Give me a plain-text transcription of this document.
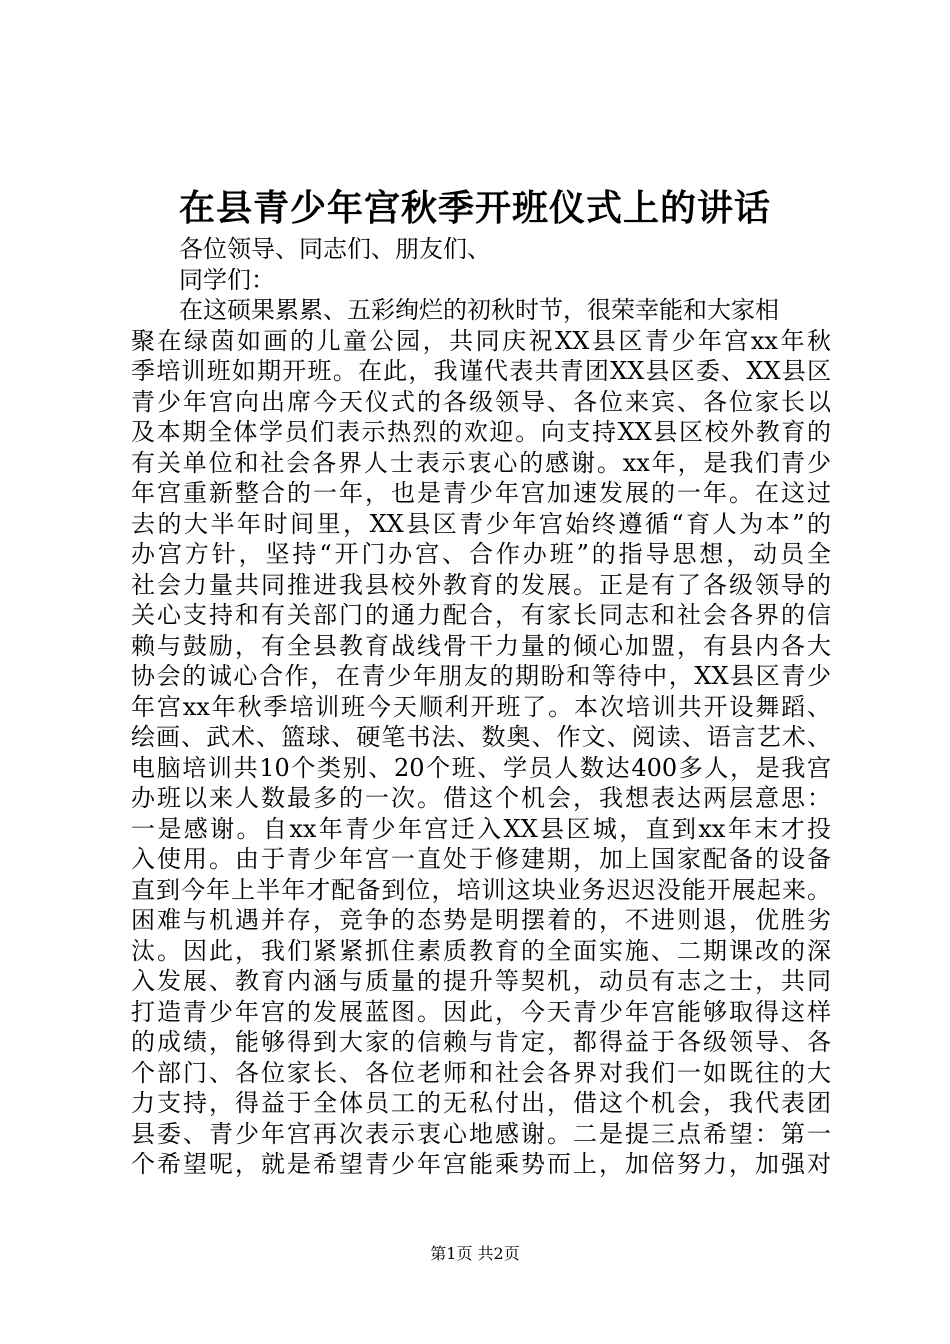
在县青少年宫秋季开班仪式上的讲话
各位领导、同志们、朋友们、
同学们：
在这硕果累累、五彩绚烂的初秋时节，很荣幸能和大家相
聚在绿茵如画的儿童公园，共同庆祝XX县区青少年宫xx年秋
季培训班如期开班。在此，我谨代表共青团XX县区委、XX县区
青少年宫向出席今天仪式的各级领导、各位来宾、各位家长以
及本期全体学员们表示热烈的欢迎。向支持XX县区校外教育的
有关单位和社会各界人士表示衷心的感谢。xx年，是我们青少
年宫重新整合的一年，也是青少年宫加速发展的一年。在这过
去的大半年时间里，XX县区青少年宫始终遵循“育人为本”的
办宫方针，坚持“开门办宫、合作办班”的指导思想，动员全
社会力量共同推进我县校外教育的发展。正是有了各级领导的
关心支持和有关部门的通力配合，有家长同志和社会各界的信
赖与鼓励，有全县教育战线骨干力量的倾心加盟，有县内各大
协会的诚心合作，在青少年朋友的期盼和等待中，XX县区青少
年宫xx年秋季培训班今天顺利开班了。本次培训共开设舞蹈、
绘画、武术、篮球、硬笔书法、数奥、作文、阅读、语言艺术、
电脑培训共10个类别、20个班、学员人数达400多人，是我宫
办班以来人数最多的一次。借这个机会，我想表达两层意思：
一是感谢。自xx年青少年宫迁入XX县区城，直到xx年末才投
入使用。由于青少年宫一直处于修建期，加上国家配备的设备
直到今年上半年才配备到位，培训这块业务迟迟没能开展起来。
困难与机遇并存，竞争的态势是明摆着的，不进则退，优胜劣
汰。因此，我们紧紧抓住素质教育的全面实施、二期课改的深
入发展、教育内涵与质量的提升等契机，动员有志之士，共同
打造青少年宫的发展蓝图。因此，今天青少年宫能够取得这样
的成绩，能够得到大家的信赖与肯定，都得益于各级领导、各
个部门、各位家长、各位老师和社会各界对我们一如既往的大
力支持，得益于全体员工的无私付出，借这个机会，我代表团
县委、青少年宫再次表示衷心地感谢。二是提三点希望：第一
个希望呢，就是希望青少年宫能乘势而上，加倍努力，加强对
第1页 共2页
